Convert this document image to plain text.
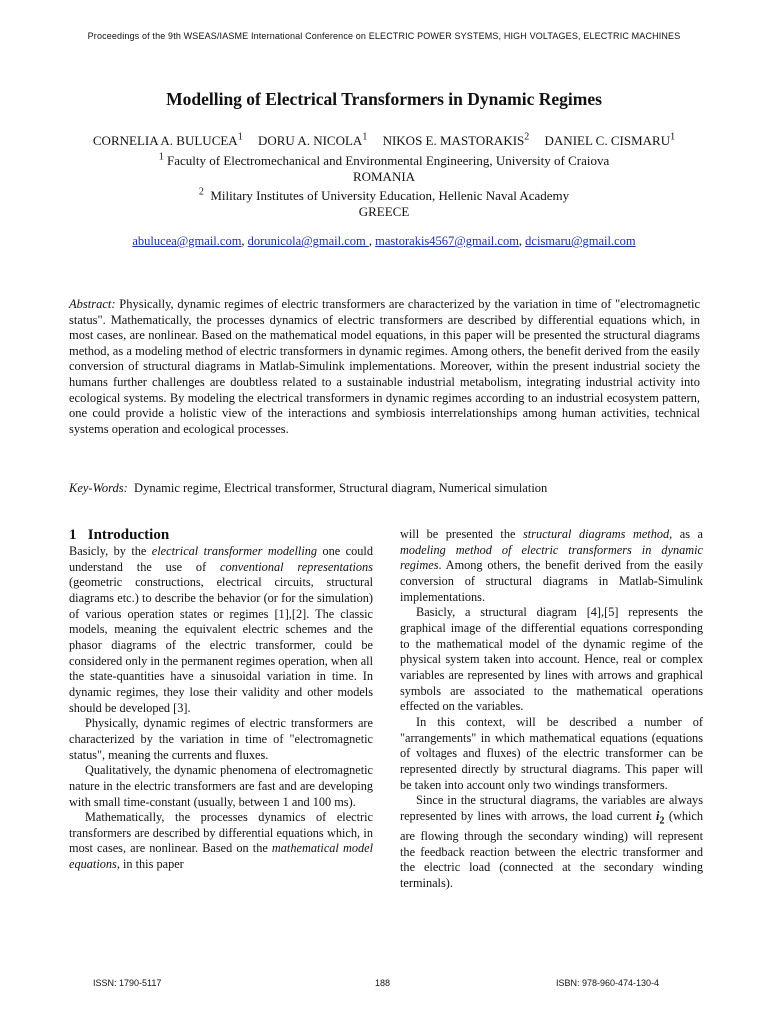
Proceedings of the 9th WSEAS/IASME International Conference on ELECTRIC POWER SYSTEMS, HIGH VOLTAGES, ELECTRIC MACHINES
Modelling of Electrical Transformers in Dynamic Regimes
CORNELIA A. BULUCEA$^1$ DORU A. NICOLA$^1$ NIKOS E. MASTORAKIS$^2$ DANIEL C. CISMARU$^1$
$^1$ Faculty of Electromechanical and Environmental Engineering, University of Craiova
ROMANIA
$^2$ Military Institutes of University Education, Hellenic Naval Academy
GREECE
abulucea@gmail.com, dorunicola@gmail.com , mastorakis4567@gmail.com, dcismaru@gmail.com
Abstract: Physically, dynamic regimes of electric transformers are characterized by the variation in time of "electromagnetic status". Mathematically, the processes dynamics of electric transformers are described by differential equations which, in most cases, are nonlinear. Based on the mathematical model equations, in this paper will be presented the structural diagrams method, as a modeling method of electric transformers in dynamic regimes. Among others, the benefit derived from the easily conversion of structural diagrams in Matlab-Simulink implementations. Moreover, within the present industrial society the humans further challenges are doubtless related to a sustainable industrial metabolism, integrating industrial activity into ecological systems. By modeling the electrical transformers in dynamic regimes according to an industrial ecosystem pattern, one could provide a holistic view of the interactions and symbiosis interrelationships among human activities, technical systems operation and ecological processes.
Key-Words: Dynamic regime, Electrical transformer, Structural diagram, Numerical simulation
1 Introduction

Basicly, by the electrical transformer modelling one could understand the use of conventional representations (geometric constructions, electrical circuits, structural diagrams etc.) to describe the behavior (or for the simulation) of various operation states or regimes [1],[2]. The classic models, meaning the equivalent electric schemes and the phasor diagrams of the electric transformer, could be considered only in the permanent regimes operation, when all the state-quantities have a sinusoidal variation in time. In dynamic regimes, they lose their validity and other models should be developed [3].

Physically, dynamic regimes of electric transformers are characterized by the variation in time of "electromagnetic status", meaning the currents and fluxes.

Qualitatively, the dynamic phenomena of electromagnetic nature in the electric transformers are fast and are developing with small time-constant (usually, between 1 and 100 ms).

Mathematically, the processes dynamics of electric transformers are described by differential equations which, in most cases, are nonlinear. Based on the mathematical model equations, in this paper

will be presented the structural diagrams method, as a modeling method of electric transformers in dynamic regimes. Among others, the benefit derived from the easily conversion of structural diagrams in Matlab-Simulink implementations.

Basicly, a structural diagram [4],[5] represents the graphical image of the differential equations corresponding to the mathematical model of the dynamic regime of the physical system taken into account. Hence, real or complex variables are represented by lines with arrows and graphical symbols are associated to the mathematical operations effected on the variables.

In this context, will be described a number of "arrangements" in which mathematical equations (equations of voltages and fluxes) of the electric transformer can be represented directly by structural diagrams. This paper will be taken into account only two windings transformers.

Since in the structural diagrams, the variables are always represented by lines with arrows, the load current $i_2$ (which are flowing through the secondary winding) will represent the feedback reaction between the electric transformer and the electric load (connected at the secondary winding terminals).

ISSN: 1790-5117	188	ISBN: 978-960-474-130-4
